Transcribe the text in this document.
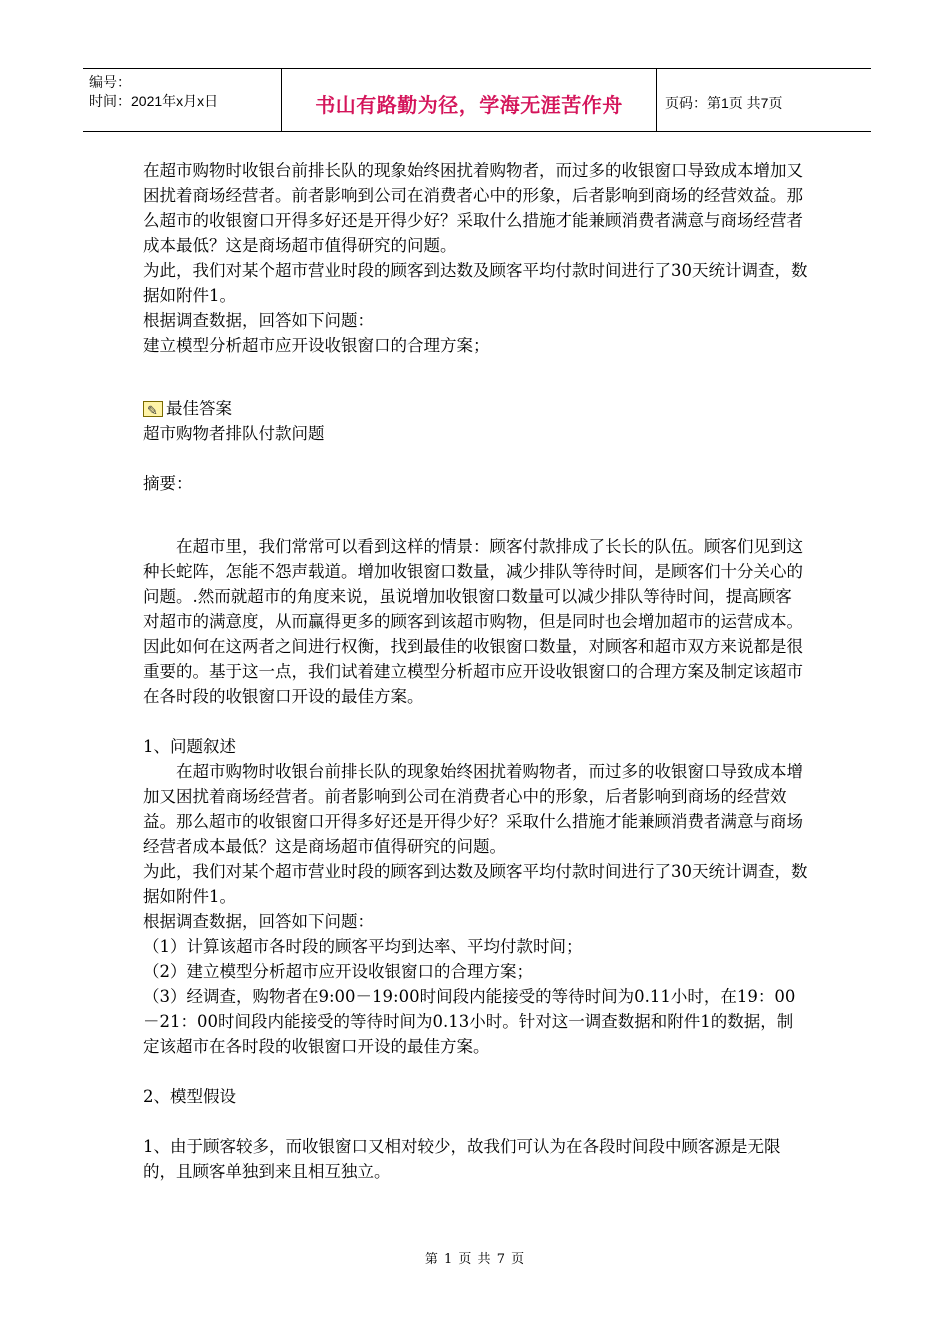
编号：
时间：2021年x月x日	书山有路勤为径，学海无涯苦作舟	页码：第1页 共7页

在超市购物时收银台前排长队的现象始终困扰着购物者，而过多的收银窗口导致成本增加又困扰着商场经营者。前者影响到公司在消费者心中的形象，后者影响到商场的经营效益。那么超市的收银窗口开得多好还是开得少好？采取什么措施才能兼顾消费者满意与商场经营者成本最低？这是商场超市值得研究的问题。

为此，我们对某个超市营业时段的顾客到达数及顾客平均付款时间进行了30天统计调查，数据如附件1。

根据调查数据，回答如下问题：

建立模型分析超市应开设收银窗口的合理方案；

✎
最佳答案

超市购物者排队付款问题

摘要：

在超市里，我们常常可以看到这样的情景：顾客付款排成了长长的队伍。顾客们见到这种长蛇阵，怎能不怨声载道。增加收银窗口数量，减少排队等待时间，是顾客们十分关心的问题。.然而就超市的角度来说，虽说增加收银窗口数量可以减少排队等待时间，提高顾客对超市的满意度，从而赢得更多的顾客到该超市购物，但是同时也会增加超市的运营成本。因此如何在这两者之间进行权衡，找到最佳的收银窗口数量，对顾客和超市双方来说都是很重要的。基于这一点，我们试着建立模型分析超市应开设收银窗口的合理方案及制定该超市在各时段的收银窗口开设的最佳方案。

1、问题叙述

在超市购物时收银台前排长队的现象始终困扰着购物者，而过多的收银窗口导致成本增加又困扰着商场经营者。前者影响到公司在消费者心中的形象，后者影响到商场的经营效益。那么超市的收银窗口开得多好还是开得少好？采取什么措施才能兼顾消费者满意与商场经营者成本最低？这是商场超市值得研究的问题。

为此，我们对某个超市营业时段的顾客到达数及顾客平均付款时间进行了30天统计调查，数据如附件1。

根据调查数据，回答如下问题：

（1）计算该超市各时段的顾客平均到达率、平均付款时间；

（2）建立模型分析超市应开设收银窗口的合理方案；

（3）经调查，购物者在9:00－19:00时间段内能接受的等待时间为0.11小时，在19：00－21：00时间段内能接受的等待时间为0.13小时。针对这一调查数据和附件1的数据，制定该超市在各时段的收银窗口开设的最佳方案。

2、模型假设

1、由于顾客较多，而收银窗口又相对较少，故我们可认为在各段时间段中顾客源是无限的，且顾客单独到来且相互独立。

第 1 页 共 7 页
